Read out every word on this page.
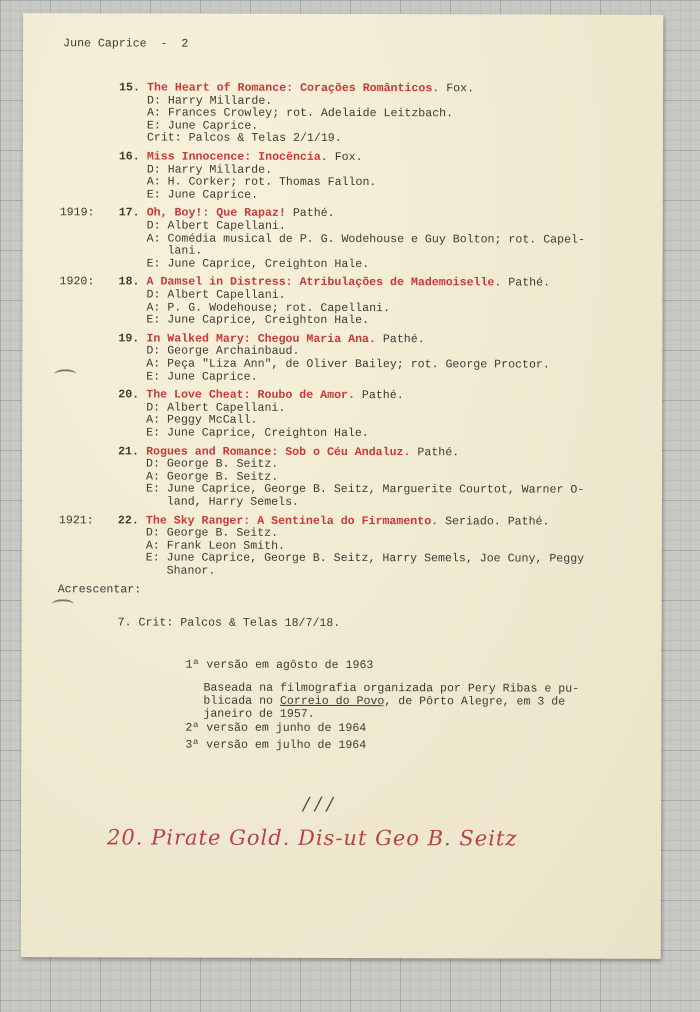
June Caprice  -  2
15. The Heart of Romance: Corações Românticos. Fox.
D: Harry Millarde.
A: Frances Crowley; rot. Adelaide Leitzbach.
E: June Caprice.
Crit: Palcos & Telas 2/1/19.
16. Miss Innocence: Inocência. Fox.
D: Harry Millarde.
A: H. Corker; rot. Thomas Fallon.
E: June Caprice.
1919: 17. Oh, Boy!: Que Rapaz! Pathé.
D: Albert Capellani.
A: Comédia musical de P. G. Wodehouse e Guy Bolton; rot. Capel-
lani.
E: June Caprice, Creighton Hale.
1920: 18. A Damsel in Distress: Atribulações de Mademoiselle. Pathé.
D: Albert Capellani.
A: P. G. Wodehouse; rot. Capellani.
E: June Caprice, Creighton Hale.
19. In Walked Mary: Chegou Maria Ana. Pathé.
D: George Archainbaud.
A: Peça "Liza Ann", de Oliver Bailey; rot. George Proctor.
E: June Caprice.
20. The Love Cheat: Roubo de Amor. Pathé.
D: Albert Capellani.
A: Peggy McCall.
E: June Caprice, Creighton Hale.
21. Rogues and Romance: Sob o Céu Andaluz. Pathé.
D: George B. Seitz.
A: George B. Seitz.
E: June Caprice, George B. Seitz, Marguerite Courtot, Warner O-
land, Harry Semels.
1921: 22. The Sky Ranger: A Sentinela do Firmamento. Seriado. Pathé.
D: George B. Seitz.
A: Frank Leon Smith.
E: June Caprice, George B. Seitz, Harry Semels, Joe Cuny, Peggy
Shanor.
Acrescentar:
7. Crit: Palcos & Telas 18/7/18.
1ª versão em agôsto de 1963
Baseada na filmografia organizada por Pery Ribas e pu-
blicada no Correio do Povo, de Pôrto Alegre, em 3 de
janeiro de 1957.
2ª versão em junho de 1964
3ª versão em julho de 1964
/ / /
20. Pirate Gold. Dis-ut Geo B. Seitz
